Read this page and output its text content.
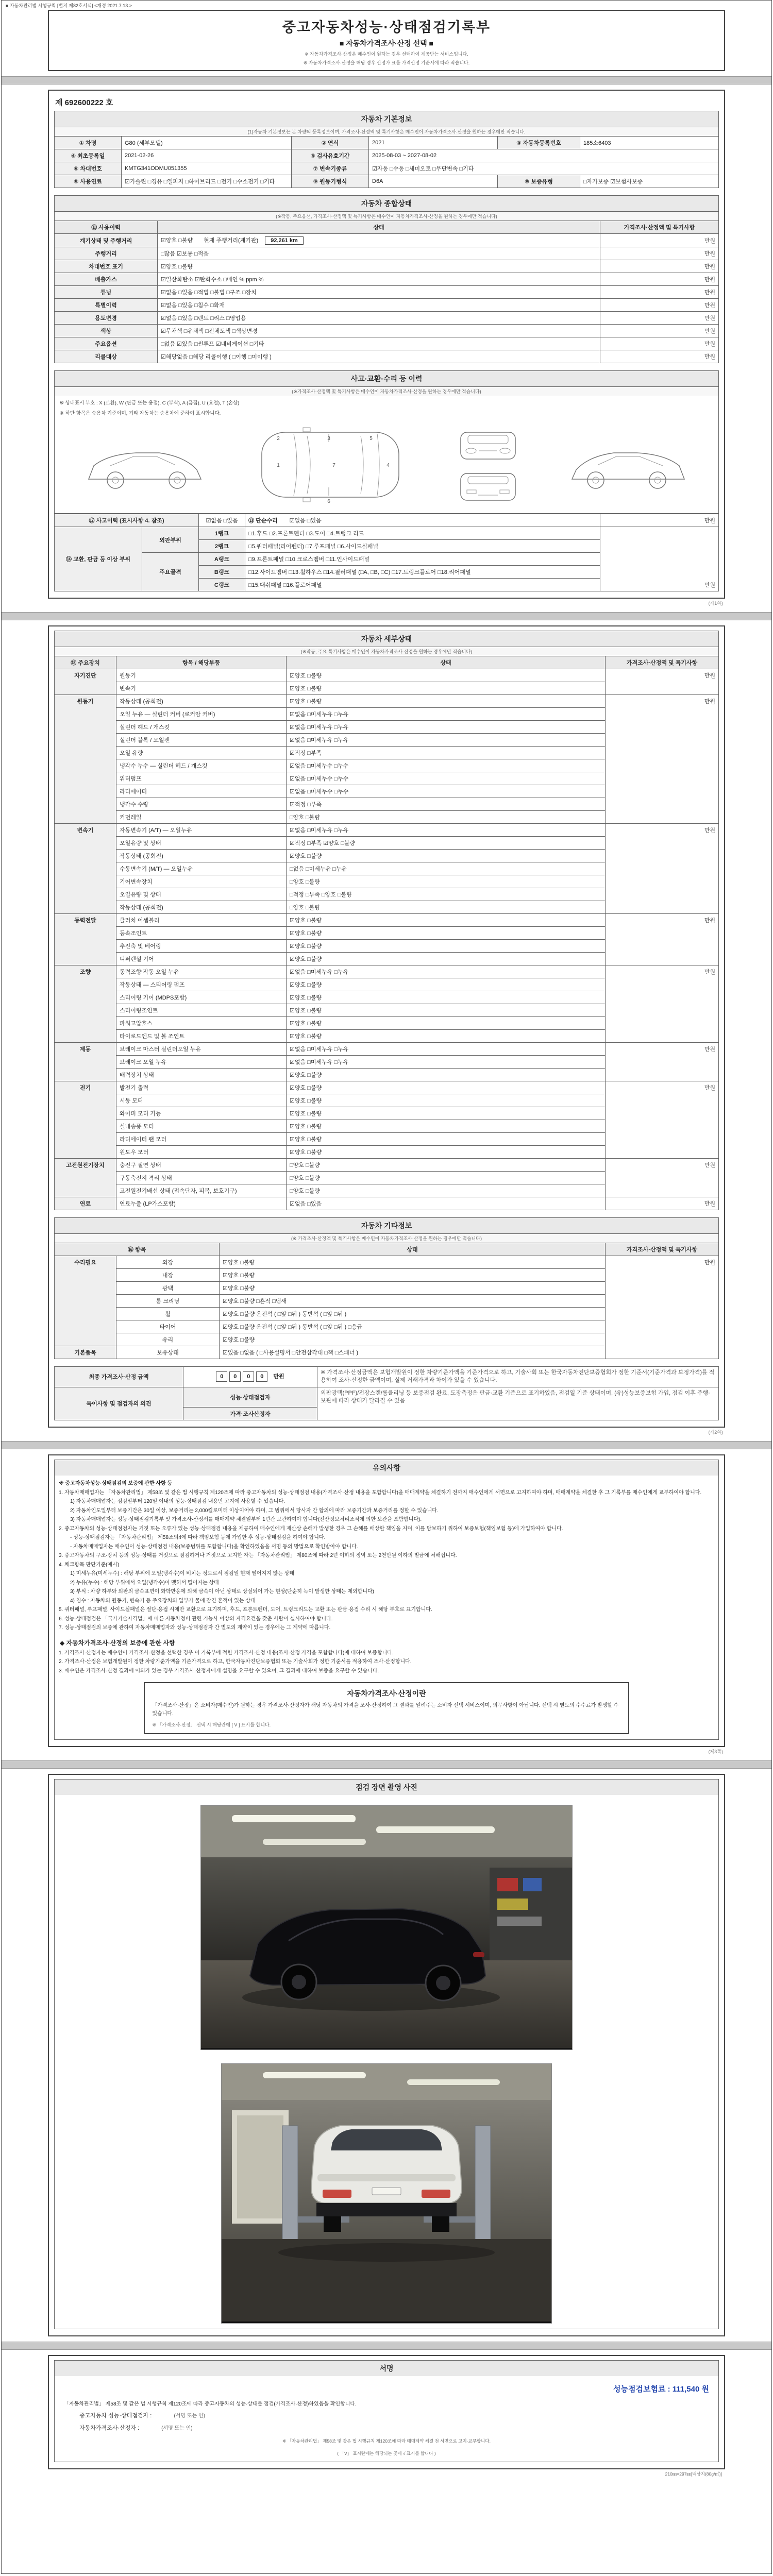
■ 자동차관리법 시행규칙 [별지 제82호서식] <개정 2021.7.13.>
중고자동차성능·상태점검기록부
■ 자동차가격조사·산정 선택 ■
※ 자동차가격조사·산정은 매수인이 원하는 경우 선택하여 제공받는 서비스입니다.
※ 자동차가격조사·산정을 해당 경우 산정가 표를 가격산정 기준서에 따라 적습니다.
제 692600222 호
자동차 기본정보
(1)자동차 기본정보는 본 차량의 등록정보이며, 가격조사·산정액 및 특기사항은 매수인이 자동차가격조사·산정을 원하는 경우에만 적습니다.
① 차명	G80 (세부모델)	② 연식	2021	③ 자동차등록번호	185소6403
④ 최초등록일	2021-02-26	⑤ 검사유효기간	2025-08-03 ~ 2027-08-02		
⑥ 차대번호	KMTG341ODMU051355	⑦ 변속기종류	☑자동 □수동 □세미오토 □무단변속 □기타		
⑧ 사용연료	☑가솔린 □경유 □엘피지 □하이브리드 □전기 □수소전기 □기타	⑨ 원동기형식	D6A	⑩ 보증유형	□자가보증 ☑보험사보증
자동차 종합상태
(※작동, 주요옵션, 가격조사·산정액 및 특기사항은 매수인이 자동차가격조사·산정을 원하는 경우에만 적습니다)
⑪ 사용이력	상태	가격조사·산정액 및 특기사항
계기상태 및 주행거리	☑양호 □불량 현재 주행거리(계기판) 92,261 km	만원
주행거리	□많음 ☑보통 □적음	만원
차대번호 표기	☑양호 □불량	만원
배출가스	☑일산화탄소 ☑탄화수소 □매연 % ppm %	만원
튜닝	☑없음 □있음 □적법 □불법 □구조 □장치	만원
특별이력	☑없음 □있음 □침수 □화재	만원
용도변경	☑없음 □있음 □렌트 □리스 □영업용	만원
색상	☑무채색 □유채색 □전체도색 □색상변경	만원
주요옵션	□없음 ☑있음 □썬루프 ☑네비게이션 □기타	만원
리콜대상	☑해당없음 □해당 리콜이행 ( □이행 □미이행 )	만원
사고·교환·수리 등 이력
(※가격조사·산정액 및 특기사항은 매수인이 자동차가격조사·산정을 원하는 경우에만 적습니다)
※ 상태표시 부호 : X (교환), W (판금 또는 용접), C (부식), A (흠집), U (요철), T (손상)
※ 하단 항목은 승용차 기준이며, 기타 자동차는 승용차에 준하여 표시합니다.
1
2	3
4
5
6
7
⑫ 사고이력 (표시사항 4. 참조)		☑없음 □있음	⑬ 단순수리 ☑없음 □있음	만원
⑭ 교환, 판금 등 이상 부위	외판부위	1랭크	□1.후드 □2.프론트펜더 □3.도어 □4.트렁크 리드	만원
		2랭크	□5.쿼터패널(리어펜더) □7.루프패널 □6.사이드실패널	
	주요골격	A랭크	□9.프론트패널 □10.크로스멤버 □11.인사이드패널	
		B랭크	□12.사이드멤버 □13.휠하우스 □14.필러패널 (□A, □B, □C) □17.트렁크플로어 □18.리어패널	
		C랭크	□15.대쉬패널 □16.플로어패널	
(제1쪽)
자동차 세부상태
(※작동, 주요 특기사항은 매수인이 자동차가격조사·산정을 원하는 경우에만 적습니다)
⑮ 주요장치	항목 / 해당부품	상태	가격조사·산정액 및 특기사항
자기진단	원동기	☑양호 □불량	만원
	변속기	☑양호 □불량	
원동기	작동상태 (공회전)	☑양호 □불량	만원
	오일 누유 — 실린더 커버 (로커암 커버)	☑없음 □미세누유 □누유	
	실린더 헤드 / 개스킷	☑없음 □미세누유 □누유	
	실린더 블록 / 오일팬	☑없음 □미세누유 □누유	
	오일 유량	☑적정 □부족	
	냉각수 누수 — 실린더 헤드 / 개스킷	☑없음 □미세누수 □누수	
	워터펌프	☑없음 □미세누수 □누수	
	라디에이터	☑없음 □미세누수 □누수	
	냉각수 수량	☑적정 □부족	
	커먼레일	□양호 □불량	
변속기	자동변속기 (A/T) — 오일누유	☑없음 □미세누유 □누유	만원
	오일유량 및 상태	☑적정 □부족 ☑양호 □불량	
	작동상태 (공회전)	☑양호 □불량	
	수동변속기 (M/T) — 오일누유	□없음 □미세누유 □누유	
	기어변속장치	□양호 □불량	
	오일유량 및 상태	□적정 □부족 □양호 □불량	
	작동상태 (공회전)	□양호 □불량	
동력전달	클러치 어셈블리	☑양호 □불량	만원
	등속조인트	☑양호 □불량	
	추진축 및 베어링	☑양호 □불량	
	디퍼렌셜 기어	☑양호 □불량	
조향	동력조향 작동 오일 누유	☑없음 □미세누유 □누유	만원
	작동상태 — 스티어링 펌프	☑양호 □불량	
	스티어링 기어 (MDPS포함)	☑양호 □불량	
	스티어링조인트	☑양호 □불량	
	파워고압호스	☑양호 □불량	
	타이로드엔드 및 볼 조인트	☑양호 □불량	
제동	브레이크 마스터 실린더오일 누유	☑없음 □미세누유 □누유	만원
	브레이크 오일 누유	☑없음 □미세누유 □누유	
	배력장치 상태	☑양호 □불량	
전기	발전기 출력	☑양호 □불량	만원
	시동 모터	☑양호 □불량	
	와이퍼 모터 기능	☑양호 □불량	
	실내송풍 모터	☑양호 □불량	
	라디에이터 팬 모터	☑양호 □불량	
	윈도우 모터	☑양호 □불량	
고전원전기장치	충전구 절연 상태	□양호 □불량	만원
	구동축전지 격리 상태	□양호 □불량	
	고전원전기배선 상태 (접속단자, 피복, 보호기구)	□양호 □불량	
연료	연료누출 (LP가스포함)	☑없음 □있음	만원
자동차 기타정보
(※ 가격조사·산정액 및 특기사항은 매수인이 자동차가격조사·산정을 원하는 경우에만 적습니다)
⑯ 항목		상태	가격조사·산정액 및 특기사항
수리필요	외장	☑양호 □불량	만원
	내장	☑양호 □불량	
	광택	☑양호 □불량	
	룸 크리닝	☑양호 □불량 □흔적 □냄새	
	휠	☑양호 □불량 운전석 ( □앞 □뒤 ) 동반석 ( □앞 □뒤 )	
	타이어	☑양호 □불량 운전석 ( □앞 □뒤 ) 동반석 ( □앞 □뒤 ) □응급	
	유리	☑양호 □불량	
기본품목	보유상태	☑있음 □없음 ( □사용설명서 □안전삼각대 □잭 □스패너 )	
최종 가격조사·산정 금액	0 0 0 0 만원	※ 가격조사·산정금액은 보험개발원이 정한 차량기준가액을 기준가격으로 하고, 기술사회 또는 한국자동차진단보증협회가 정한 기준서(기준가격과 보정가격)를 적용하여 조사·산정한 금액이며, 실제 거래가격과 차이가 있을 수 있습니다.
특이사항 및 점검자의 의견	성능·상태점검자	외판광택(PPF)/전장스캔/룸클리닝 등 보증점검 완료, 도장측정은 판금·교환 기준으로 표기하였음, 점검일 기준 상태이며, (유)성능보증보험 가입, 점검 이후 주행·보관에 따라 상태가 달라질 수 있음
	가격·조사산정자	
(제2쪽)
유의사항
※ 중고자동차성능·상태점검의 보증에 관한 사항 등
1. 자동차매매업자는 「자동차관리법」 제58조 및 같은 법 시행규칙 제120조에 따라 중고자동차의 성능·상태점검 내용(가격조사·산정 내용을 포함합니다)을 매매계약을 체결하기 전까지 매수인에게 서면으로 고지하여야 하며, 매매계약을 체결한 후 그 기록부를 매수인에게 교부하여야 합니다.
1) 자동차매매업자는 점검일부터 120일 이내의 성능·상태점검 내용만 고지에 사용할 수 있습니다.
2) 자동차인도일부터 보증기간은 30일 이상, 보증거리는 2,000킬로미터 이상이어야 하며, 그 범위에서 당사자 간 합의에 따라 보증기간과 보증거리를 정할 수 있습니다.
3) 자동차매매업자는 성능·상태점검기록부 및 가격조사·산정서를 매매계약 체결일부터 1년간 보관하여야 합니다(전산정보처리조직에 의한 보관을 포함합니다).
2. 중고자동차의 성능·상태점검자는 거짓 또는 오류가 있는 성능·상태점검 내용을 제공하여 매수인에게 재산상 손해가 발생한 경우 그 손해를 배상할 책임을 지며, 이를 담보하기 위하여 보증보험(책임보험 등)에 가입하여야 합니다.
- 성능·상태점검자는 「자동차관리법」 제58조의4에 따라 책임보험 등에 가입한 후 성능·상태점검을 하여야 합니다.
- 자동차매매업자는 매수인이 성능·상태점검 내용(보증범위를 포함합니다)을 확인하였음을 서명 등의 방법으로 확인받아야 합니다.
3. 중고자동차의 구조·장치 등의 성능·상태를 거짓으로 점검하거나 거짓으로 고지한 자는 「자동차관리법」 제80조에 따라 2년 이하의 징역 또는 2천만원 이하의 벌금에 처해집니다.
4. 체크항목 판단기준(예시)
1) 미세누유(미세누수) : 해당 부위에 오일(냉각수)이 비치는 정도로서 점검일 현재 떨어지지 않는 상태
2) 누유(누수) : 해당 부위에서 오일(냉각수)이 맺혀서 떨어지는 상태
3) 부식 : 차량 하부와 외판의 금속표면이 화학반응에 의해 금속이 아닌 상태로 상실되어 가는 현상(단순히 녹이 발생한 상태는 제외합니다)
4) 침수 : 자동차의 원동기, 변속기 등 주요장치의 일부가 물에 잠긴 흔적이 있는 상태
5. 쿼터패널, 루프패널, 사이드실패널은 절단·용접 시에만 교환으로 표기하며, 후드, 프론트펜더, 도어, 트렁크리드는 교환 또는 판금·용접 수리 시 해당 부호로 표기합니다.
6. 성능·상태점검은 「국가기술자격법」에 따른 자동차정비 관련 기능사 이상의 자격요건을 갖춘 사람이 실시하여야 합니다.
7. 성능·상태점검의 보증에 관하여 자동차매매업자와 성능·상태점검자 간 별도의 계약이 있는 경우에는 그 계약에 따릅니다.
◆ 자동차가격조사·산정의 보증에 관한 사항
1. 가격조사·산정자는 매수인이 가격조사·산정을 선택한 경우 이 기록부에 적힌 가격조사·산정 내용(조사·산정 가격을 포함합니다)에 대하여 보증합니다.
2. 가격조사·산정은 보험개발원이 정한 차량기준가액을 기준가격으로 하고, 한국자동차진단보증협회 또는 기술사회가 정한 기준서를 적용하여 조사·산정합니다.
3. 매수인은 가격조사·산정 결과에 이의가 있는 경우 가격조사·산정자에게 설명을 요구할 수 있으며, 그 결과에 대하여 보증을 요구할 수 있습니다.
자동차가격조사·산정이란
「가격조사·산정」은 소비자(매수인)가 원하는 경우 가격조사·산정자가 해당 자동차의 가격을 조사·산정하여 그 결과를 알려주는 소비자 선택 서비스이며, 의무사항이 아닙니다. 선택 시 별도의 수수료가 발생할 수 있습니다.
※ 「가격조사·산정」 선택 시 해당란에 [ V ] 표시를 합니다.
(제3쪽)
점검 장면 촬영 사진
서명
성능점검보험료 : 111,540 원
「자동차관리법」 제58조 및 같은 법 시행규칙 제120조에 따라 중고자동차의 성능·상태를 점검(가격조사·산정)하였음을 확인합니다.
중고자동차 성능·상태점검자 :	(서명 또는 인)
자동차가격조사·산정자 :	(서명 또는 인)
※ 「자동차관리법」 제58조 및 같은 법 시행규칙 제120조에 따라 매매계약 체결 전 서면으로 고지·교부합니다.
( 「V」 표시란에는 해당되는 곳에 √ 표시를 합니다 )
210㎜×297㎜[백상지(80g/㎡)]
